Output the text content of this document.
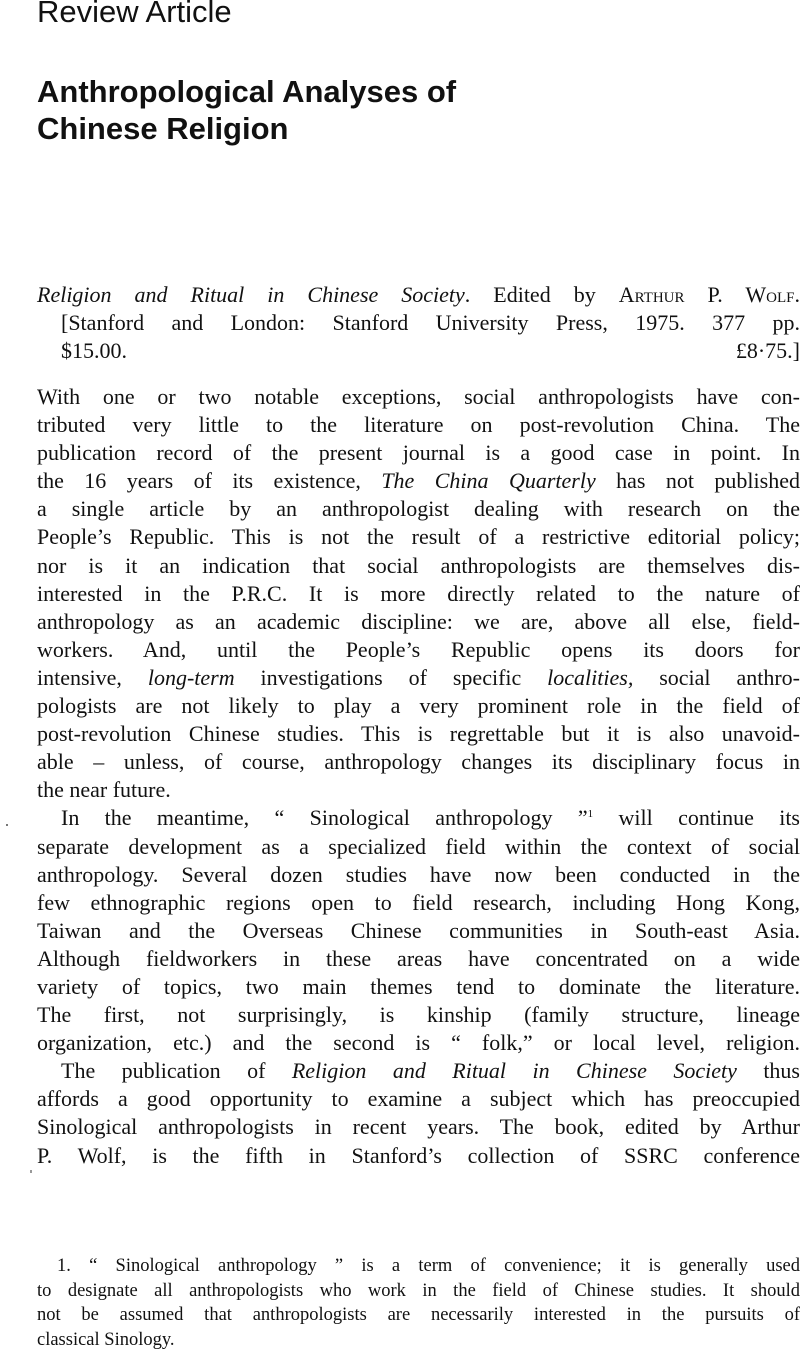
Review Article
Anthropological Analyses of
Chinese Religion
Religion and Ritual in Chinese Society. Edited by Arthur P. Wolf.
[Stanford and London: Stanford University Press, 1975. 377 pp.
$15.00. £8·75.]
With one or two notable exceptions, social anthropologists have con-
tributed very little to the literature on post-revolution China. The
publication record of the present journal is a good case in point. In
the 16 years of its existence, The China Quarterly has not published
a single article by an anthropologist dealing with research on the
People’s Republic. This is not the result of a restrictive editorial policy;
nor is it an indication that social anthropologists are themselves dis-
interested in the P.R.C. It is more directly related to the nature of
anthropology as an academic discipline: we are, above all else, field-
workers. And, until the People’s Republic opens its doors for
intensive, long-term investigations of specific localities, social anthro-
pologists are not likely to play a very prominent role in the field of
post-revolution Chinese studies. This is regrettable but it is also unavoid-
able – unless, of course, anthropology changes its disciplinary focus in
the near future.
In the meantime, “ Sinological anthropology ”$^1$ will continue its
separate development as a specialized field within the context of social
anthropology. Several dozen studies have now been conducted in the
few ethnographic regions open to field research, including Hong Kong,
Taiwan and the Overseas Chinese communities in South-east Asia.
Although fieldworkers in these areas have concentrated on a wide
variety of topics, two main themes tend to dominate the literature.
The first, not surprisingly, is kinship (family structure, lineage
organization, etc.) and the second is “ folk,” or local level, religion.
The publication of Religion and Ritual in Chinese Society thus
affords a good opportunity to examine a subject which has preoccupied
Sinological anthropologists in recent years. The book, edited by Arthur
P. Wolf, is the fifth in Stanford’s collection of SSRC conference
1. “ Sinological anthropology ” is a term of convenience; it is generally used
to designate all anthropologists who work in the field of Chinese studies. It should
not be assumed that anthropologists are necessarily interested in the pursuits of
classical Sinology.
